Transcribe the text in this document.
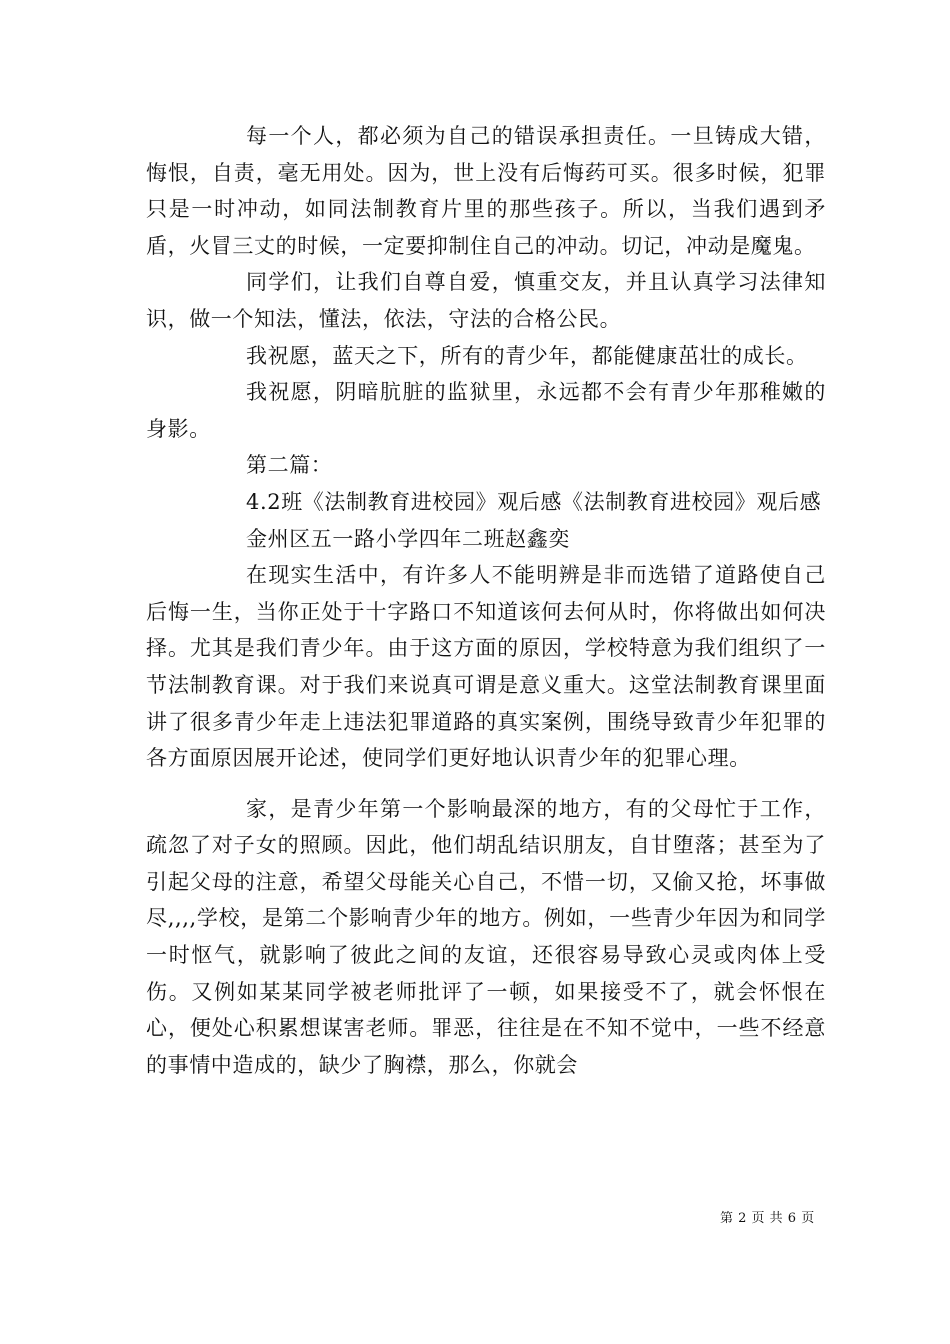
每一个人，都必须为自己的错误承担责任。一旦铸成大错，悔恨，自责，毫无用处。因为，世上没有后悔药可买。很多时候，犯罪只是一时冲动，如同法制教育片里的那些孩子。所以，当我们遇到矛盾，火冒三丈的时候，一定要抑制住自己的冲动。切记，冲动是魔鬼。

同学们，让我们自尊自爱，慎重交友，并且认真学习法律知识，做一个知法，懂法，依法，守法的合格公民。

我祝愿，蓝天之下，所有的青少年，都能健康茁壮的成长。

我祝愿，阴暗肮脏的监狱里，永远都不会有青少年那稚嫩的身影。

第二篇：

4.2班《法制教育进校园》观后感《法制教育进校园》观后感

金州区五一路小学四年二班赵鑫奕

在现实生活中，有许多人不能明辨是非而选错了道路使自己后悔一生，当你正处于十字路口不知道该何去何从时，你将做出如何决择。尤其是我们青少年。由于这方面的原因，学校特意为我们组织了一节法制教育课。对于我们来说真可谓是意义重大。这堂法制教育课里面讲了很多青少年走上违法犯罪道路的真实案例，围绕导致青少年犯罪的各方面原因展开论述，使同学们更好地认识青少年的犯罪心理。

家，是青少年第一个影响最深的地方，有的父母忙于工作，疏忽了对子女的照顾。因此，他们胡乱结识朋友，自甘堕落；甚至为了引起父母的注意，希望父母能关心自己，不惜一切，又偷又抢，坏事做尽,,,,学校，是第二个影响青少年的地方。例如，一些青少年因为和同学一时怄气，就影响了彼此之间的友谊，还很容易导致心灵或肉体上受伤。又例如某某同学被老师批评了一顿，如果接受不了，就会怀恨在心，便处心积累想谋害老师。罪恶，往往是在不知不觉中，一些不经意的事情中造成的，缺少了胸襟，那么，你就会

第 2 页 共 6 页
